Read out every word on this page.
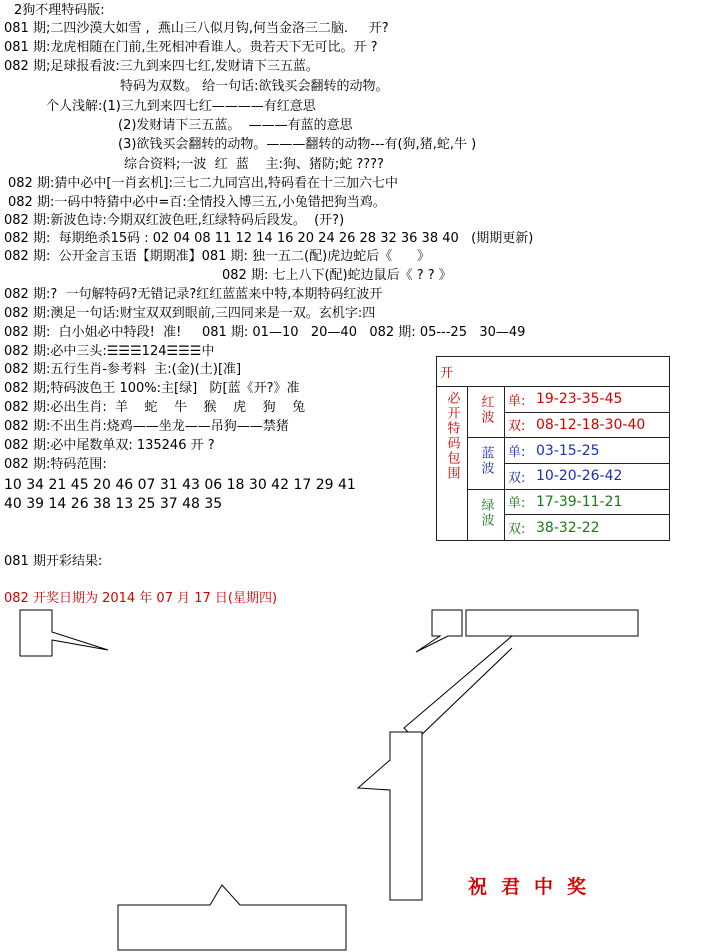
2狗不理特码版:
081 期;二四沙漠大如雪 ,  燕山三八似月钩,何当金洛三二脑.     开?
081 期:龙虎相随在门前,生死相冲看谁人。贵若天下无可比。开 ?
082 期;足球报看波:三九到来四七红,发财请下三五蓝。
特码为双数。 给一句话:欲钱买会翻转的动物。
个人浅解:(1)三九到来四七红————有红意思
(2)发财请下三五蓝。  ———有蓝的意思
(3)欲钱买会翻转的动物。———翻转的动物---有(狗,猪,蛇,牛 )
综合资料;一波  红  蓝    主:狗、猪防;蛇 ????
082 期:猜中必中[一肖玄机]:三七二九同宫出,特码看在十三加六七中
082 期:一码中特猜中必中=百:全情投入博三五,小兔错把狗当鸡。
082 期:新波色诗:今期双红波色旺,红绿特码后段发。  (开?)
082 期:  每期绝杀15码 : 02 04 08 11 12 14 16 20 24 26 28 32 36 38 40   (期期更新)
082 期:  公开金言玉语【期期准】081 期: 独一五二(配)虎边蛇后《      》
082 期: 七上八下(配)蛇边鼠后《 ? ? 》
082 期:?  一句解特码?无错记录?红红蓝蓝来中特,本期特码红波开
082 期:澳足一句话:财宝双双到眼前,三四同来是一双。玄机字:四
082 期:  白小姐必中特段!  准!     081 期: 01—10   20—40   082 期: 05---25   30—49
082 期:必中三头:☰☰☰124☰☰☰中
082 期:五行生肖-参考料  主:(金)(土)[准]
082 期;特码波色王 100%:主[绿]   防[蓝《开?》准
082 期:必出生肖:  羊    蛇    牛    猴    虎    狗    兔
082 期:不出生肖:烧鸡——坐龙——吊狗——禁猪
082 期:必中尾数单双: 135246 开 ?
082 期:特码范围:
10 34 21 45 20 46 07 31 43 06 18 30 42 17 29 41
40 39 14 26 38 13 25 37 48 35
开			
必开特码包围	红波	单:	19-23-35-45
		双:	08-12-18-30-40
	蓝波	单:	03-15-25
		双:	10-20-26-42
	绿波	单:	17-39-11-21
		双:	38-32-22
081 期开彩结果:
082 开奖日期为 2014 年 07 月 17 日(星期四)
祝君中奖
